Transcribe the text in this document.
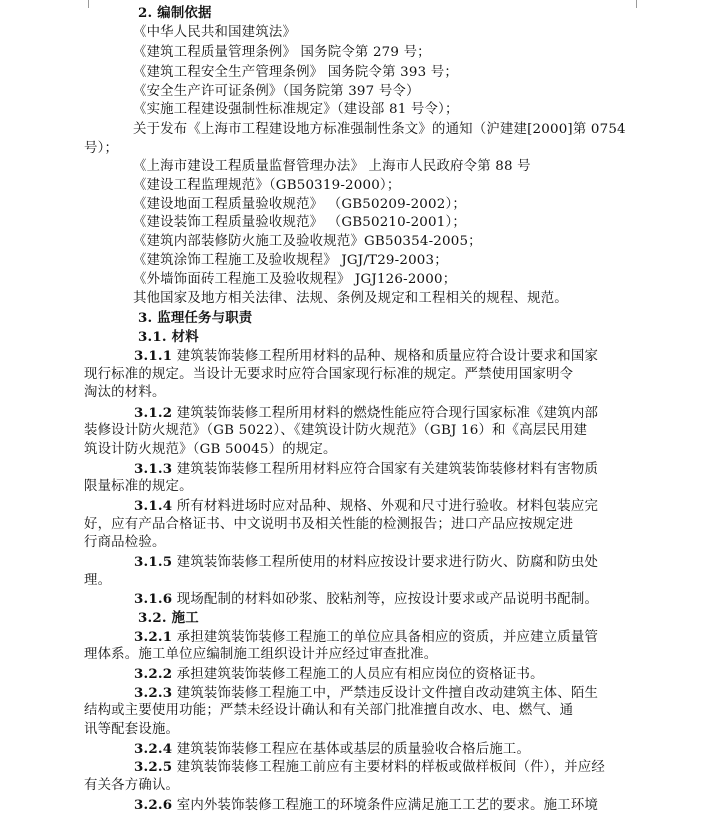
2. 编制依据
《中华人民共和国建筑法》
《建筑工程质量管理条例》 国务院令第 279 号；
《建筑工程安全生产管理条例》 国务院令第 393 号；
《安全生产许可证条例》（国务院第 397 号令）
《实施工程建设强制性标准规定》（建设部 81 号令）；
关于发布《上海市工程建设地方标准强制性条文》的通知（沪建建[2000]第 0754
号）；
《上海市建设工程质量监督管理办法》 上海市人民政府令第 88 号
《建设工程监理规范》（GB50319-2000）；
《建设地面工程质量验收规范》 （GB50209-2002）；
《建设装饰工程质量验收规范》 （GB50210-2001）；
《建筑内部装修防火施工及验收规范》GB50354-2005；
《建筑涂饰工程施工及验收规程》 JGJ/T29-2003；
《外墙饰面砖工程施工及验收规程》 JGJ126-2000；
其他国家及地方相关法律、法规、条例及规定和工程相关的规程、规范。
3. 监理任务与职责
3.1. 材料
3.1.1 建筑装饰装修工程所用材料的品种、规格和质量应符合设计要求和国家
现行标准的规定。当设计无要求时应符合国家现行标准的规定。严禁使用国家明令
淘汰的材料。
3.1.2 建筑装饰装修工程所用材料的燃烧性能应符合现行国家标准《建筑内部
装修设计防火规范》（GB 5022）、《建筑设计防火规范》（GBJ 16）和《高层民用建
筑设计防火规范》（GB 50045）的规定。
3.1.3 建筑装饰装修工程所用材料应符合国家有关建筑装饰装修材料有害物质
限量标准的规定。
3.1.4 所有材料进场时应对品种、规格、外观和尺寸进行验收。材料包装应完
好，应有产品合格证书、中文说明书及相关性能的检测报告；进口产品应按规定进
行商品检验。
3.1.5 建筑装饰装修工程所使用的材料应按设计要求进行防火、防腐和防虫处
理。
3.1.6 现场配制的材料如砂浆、胶粘剂等，应按设计要求或产品说明书配制。
3.2. 施工
3.2.1 承担建筑装饰装修工程施工的单位应具备相应的资质，并应建立质量管
理体系。施工单位应编制施工组织设计并应经过审查批准。
3.2.2 承担建筑装饰装修工程施工的人员应有相应岗位的资格证书。
3.2.3 建筑装饰装修工程施工中，严禁违反设计文件擅自改动建筑主体、陌生
结构或主要使用功能；严禁未经设计确认和有关部门批准擅自改水、电、燃气、通
讯等配套设施。
3.2.4 建筑装饰装修工程应在基体或基层的质量验收合格后施工。
3.2.5 建筑装饰装修工程施工前应有主要材料的样板或做样板间（件），并应经
有关各方确认。
3.2.6 室内外装饰装修工程施工的环境条件应满足施工工艺的要求。施工环境
